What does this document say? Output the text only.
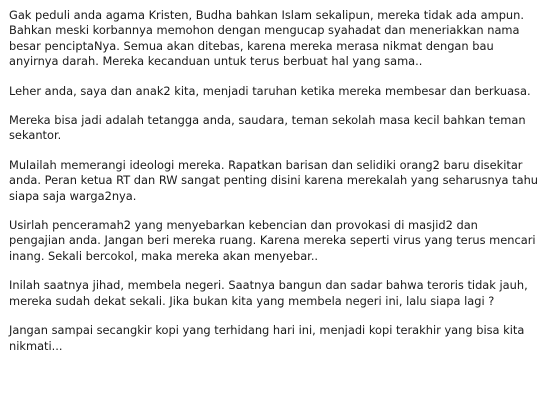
Gak peduli anda agama Kristen, Budha bahkan Islam sekalipun, mereka tidak ada ampun.
Bahkan meski korbannya memohon dengan mengucap syahadat dan meneriakkan nama
besar penciptaNya. Semua akan ditebas, karena mereka merasa nikmat dengan bau
anyirnya darah. Mereka kecanduan untuk terus berbuat hal yang sama..

Leher anda, saya dan anak2 kita, menjadi taruhan ketika mereka membesar dan berkuasa.

Mereka bisa jadi adalah tetangga anda, saudara, teman sekolah masa kecil bahkan teman
sekantor.

Mulailah memerangi ideologi mereka. Rapatkan barisan dan selidiki orang2 baru disekitar
anda. Peran ketua RT dan RW sangat penting disini karena merekalah yang seharusnya tahu
siapa saja warga2nya.

Usirlah penceramah2 yang menyebarkan kebencian dan provokasi di masjid2 dan
pengajian anda. Jangan beri mereka ruang. Karena mereka seperti virus yang terus mencari
inang. Sekali bercokol, maka mereka akan menyebar..

Inilah saatnya jihad, membela negeri. Saatnya bangun dan sadar bahwa teroris tidak jauh,
mereka sudah dekat sekali. Jika bukan kita yang membela negeri ini, lalu siapa lagi ?

Jangan sampai secangkir kopi yang terhidang hari ini, menjadi kopi terakhir yang bisa kita
nikmati...
